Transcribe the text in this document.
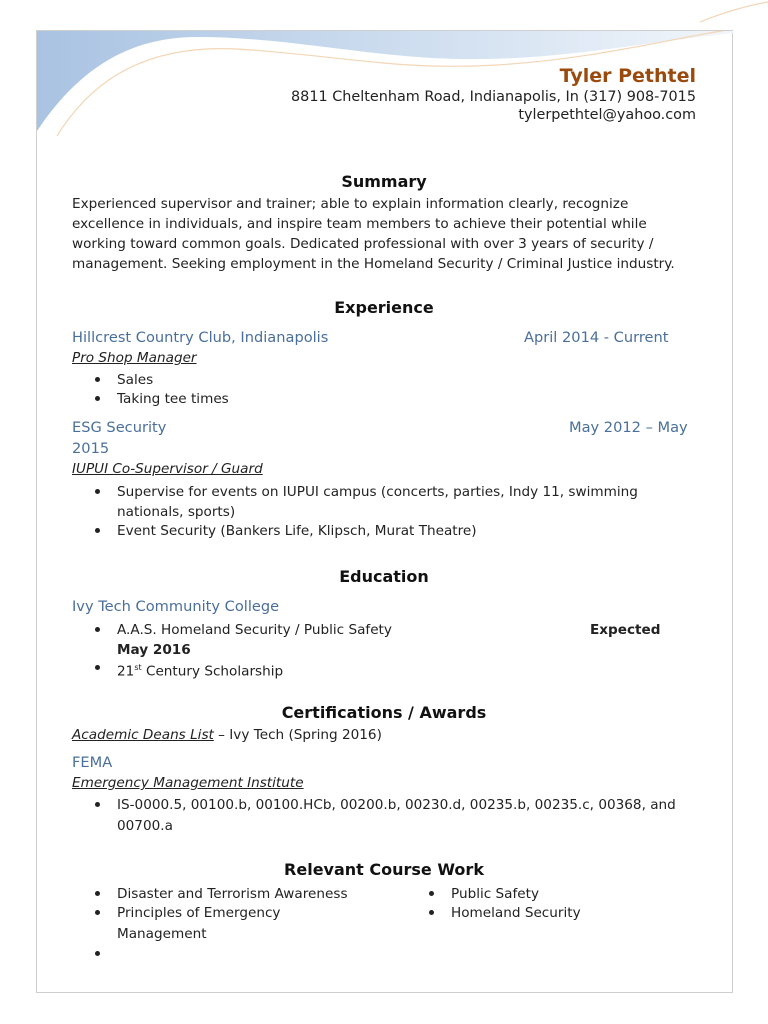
Tyler Pethtel
8811 Cheltenham Road, Indianapolis, In (317) 908-7015
tylerpethtel@yahoo.com
Summary
Experienced supervisor and trainer; able to explain information clearly, recognize
excellence in individuals, and inspire team members to achieve their potential while
working toward common goals. Dedicated professional with over 3 years of security /
management. Seeking employment in the Homeland Security / Criminal Justice industry.
Experience
Hillcrest Country Club, Indianapolis	April 2014 - Current
Pro Shop Manager
Sales
Taking tee times
ESG Security	May 2012 – May
2015
IUPUI Co-Supervisor / Guard
Supervise for events on IUPUI campus (concerts, parties, Indy 11, swimming
nationals, sports)
Event Security (Bankers Life, Klipsch, Murat Theatre)
Education
Ivy Tech Community College
A.A.S. Homeland Security / Public Safety	Expected
May 2016
21st Century Scholarship
Certifications / Awards
Academic Deans List – Ivy Tech (Spring 2016)
FEMA
Emergency Management Institute
IS-0000.5, 00100.b, 00100.HCb, 00200.b, 00230.d, 00235.b, 00235.c, 00368, and
00700.a
Relevant Course Work
Disaster and Terrorism Awareness
Principles of Emergency
Management
Public Safety
Homeland Security
